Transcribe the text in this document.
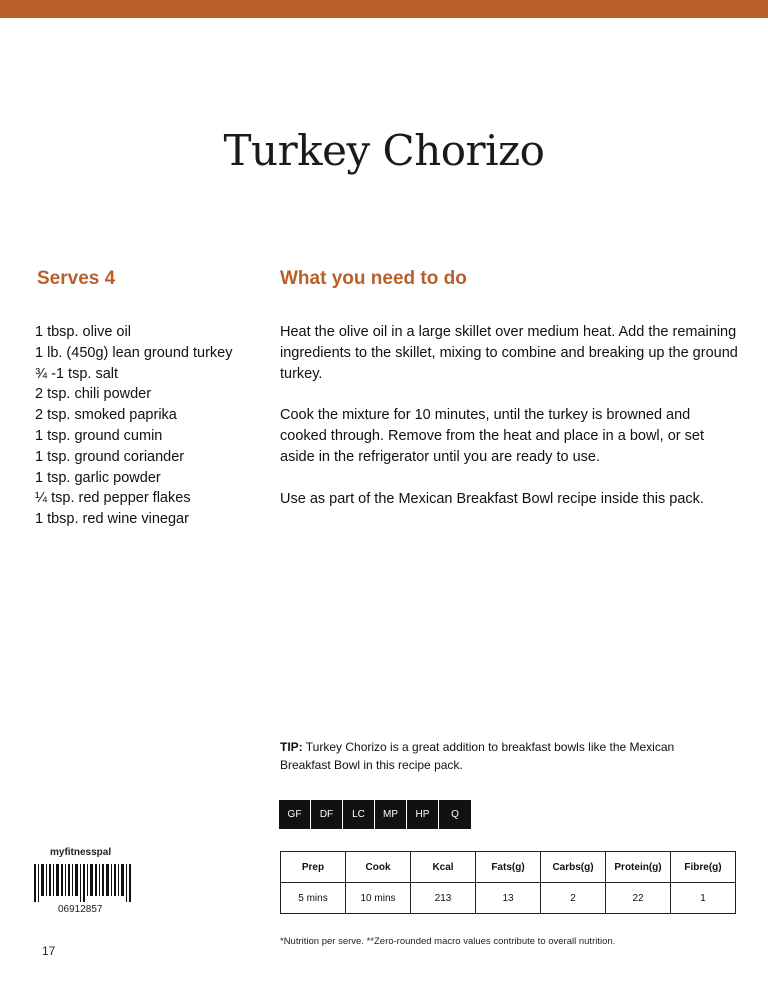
Turkey Chorizo
Serves 4	What you need to do
1 tbsp. olive oil
1 lb. (450g) lean ground turkey
¾ -1 tsp. salt
2 tsp. chili powder
2 tsp. smoked paprika
1 tsp. ground cumin
1 tsp. ground coriander
1 tsp. garlic powder
¼ tsp. red pepper flakes
1 tbsp. red wine vinegar

Heat the olive oil in a large skillet over medium heat. Add the remaining ingredients to the skillet, mixing to combine and breaking up the ground turkey.

Cook the mixture for 10 minutes, until the turkey is browned and cooked through. Remove from the heat and place in a bowl, or set aside in the refrigerator until you are ready to use.

Use as part of the Mexican Breakfast Bowl recipe inside this pack.

TIP: Turkey Chorizo is a great addition to breakfast bowls like the Mexican Breakfast Bowl in this recipe pack.
GF	DF	LC	MP	HP	Q
myfitnesspal
06912857
Prep	Cook	Kcal	Fats(g)	Carbs(g)	Protein(g)	Fibre(g)
5 mins	10 mins	213	13	2	22	1
*Nutrition per serve. **Zero-rounded macro values contribute to overall nutrition.
17
